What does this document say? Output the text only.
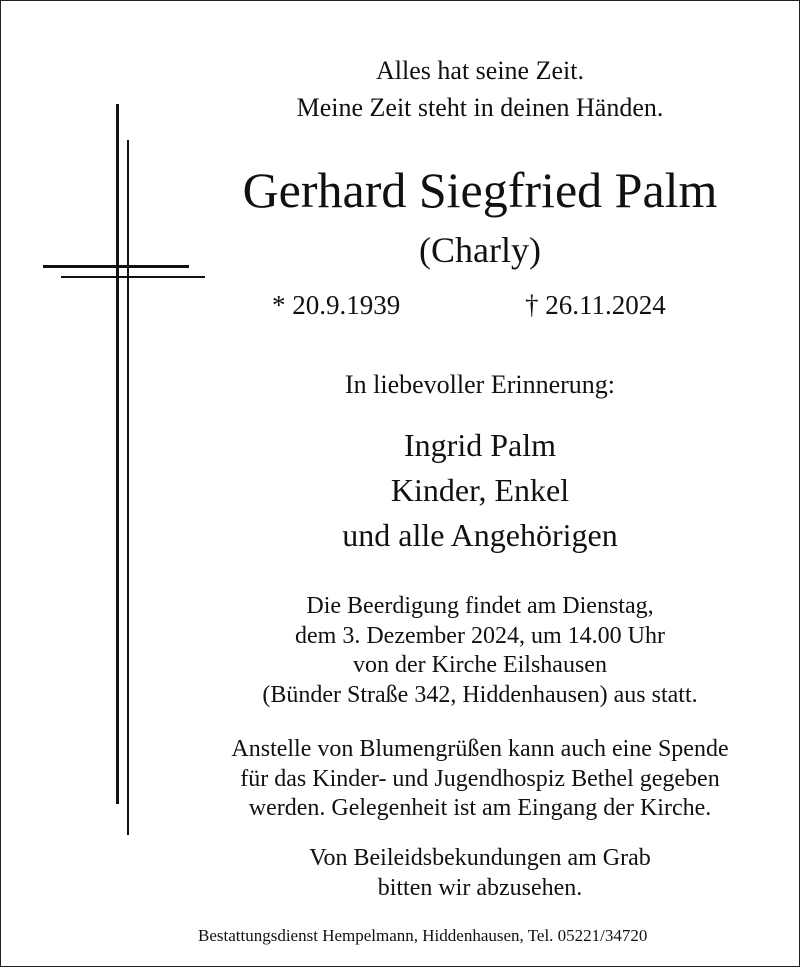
Alles hat seine Zeit.
Meine Zeit steht in deinen Händen.
Gerhard Siegfried Palm
(Charly)
* 20.9.1939	† 26.11.2024
In liebevoller Erinnerung:
Ingrid Palm
Kinder, Enkel
und alle Angehörigen
Die Beerdigung findet am Dienstag,
dem 3. Dezember 2024, um 14.00 Uhr
von der Kirche Eilshausen
(Bünder Straße 342, Hiddenhausen) aus statt.
Anstelle von Blumengrüßen kann auch eine Spende
für das Kinder- und Jugendhospiz Bethel gegeben
werden. Gelegenheit ist am Eingang der Kirche.
Von Beileidsbekundungen am Grab
bitten wir abzusehen.
Bestattungsdienst Hempelmann, Hiddenhausen, Tel. 05221/34720
